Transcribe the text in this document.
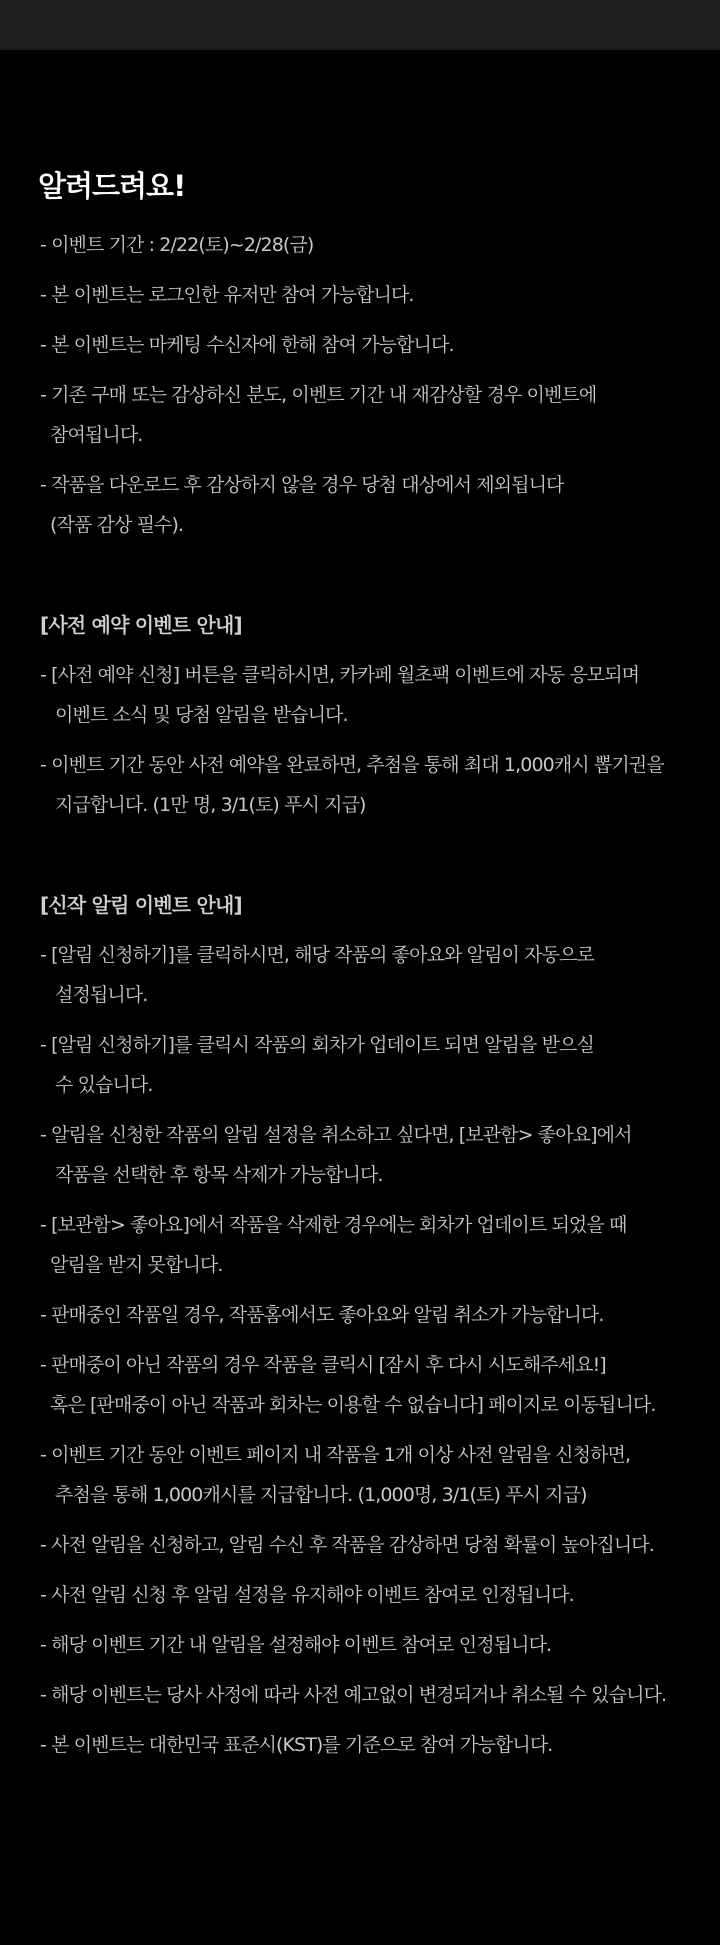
알려드려요!

- 이벤트 기간 : 2/22(토)~2/28(금)

- 본 이벤트는 로그인한 유저만 참여 가능합니다.

- 본 이벤트는 마케팅 수신자에 한해 참여 가능합니다.

- 기존 구매 또는 감상하신 분도, 이벤트 기간 내 재감상할 경우 이벤트에

참여됩니다.

- 작품을 다운로드 후 감상하지 않을 경우 당첨 대상에서 제외됩니다

(작품 감상 필수).

[사전 예약 이벤트 안내]

- [사전 예약 신청] 버튼을 클릭하시면, 카카페 월초팩 이벤트에 자동 응모되며

이벤트 소식 및 당첨 알림을 받습니다.

- 이벤트 기간 동안 사전 예약을 완료하면, 추첨을 통해 최대 1,000캐시 뽑기권을

지급합니다. (1만 명, 3/1(토) 푸시 지급)

[신작 알림 이벤트 안내]

- [알림 신청하기]를 클릭하시면, 해당 작품의 좋아요와 알림이 자동으로

설정됩니다.

- [알림 신청하기]를 클릭시 작품의 회차가 업데이트 되면 알림을 받으실

수 있습니다.

- 알림을 신청한 작품의 알림 설정을 취소하고 싶다면, [보관함> 좋아요]에서

작품을 선택한 후 항목 삭제가 가능합니다.

- [보관함> 좋아요]에서 작품을 삭제한 경우에는 회차가 업데이트 되었을 때

알림을 받지 못합니다.

- 판매중인 작품일 경우, 작품홈에서도 좋아요와 알림 취소가 가능합니다.

- 판매중이 아닌 작품의 경우 작품을 클릭시 [잠시 후 다시 시도해주세요!]

혹은 [판매중이 아닌 작품과 회차는 이용할 수 없습니다] 페이지로 이동됩니다.

- 이벤트 기간 동안 이벤트 페이지 내 작품을 1개 이상 사전 알림을 신청하면,

추첨을 통해 1,000캐시를 지급합니다. (1,000명, 3/1(토) 푸시 지급)

- 사전 알림을 신청하고, 알림 수신 후 작품을 감상하면 당첨 확률이 높아집니다.

- 사전 알림 신청 후 알림 설정을 유지해야 이벤트 참여로 인정됩니다.

- 해당 이벤트 기간 내 알림을 설정해야 이벤트 참여로 인정됩니다.

- 해당 이벤트는 당사 사정에 따라 사전 예고없이 변경되거나 취소될 수 있습니다.

- 본 이벤트는 대한민국 표준시(KST)를 기준으로 참여 가능합니다.
